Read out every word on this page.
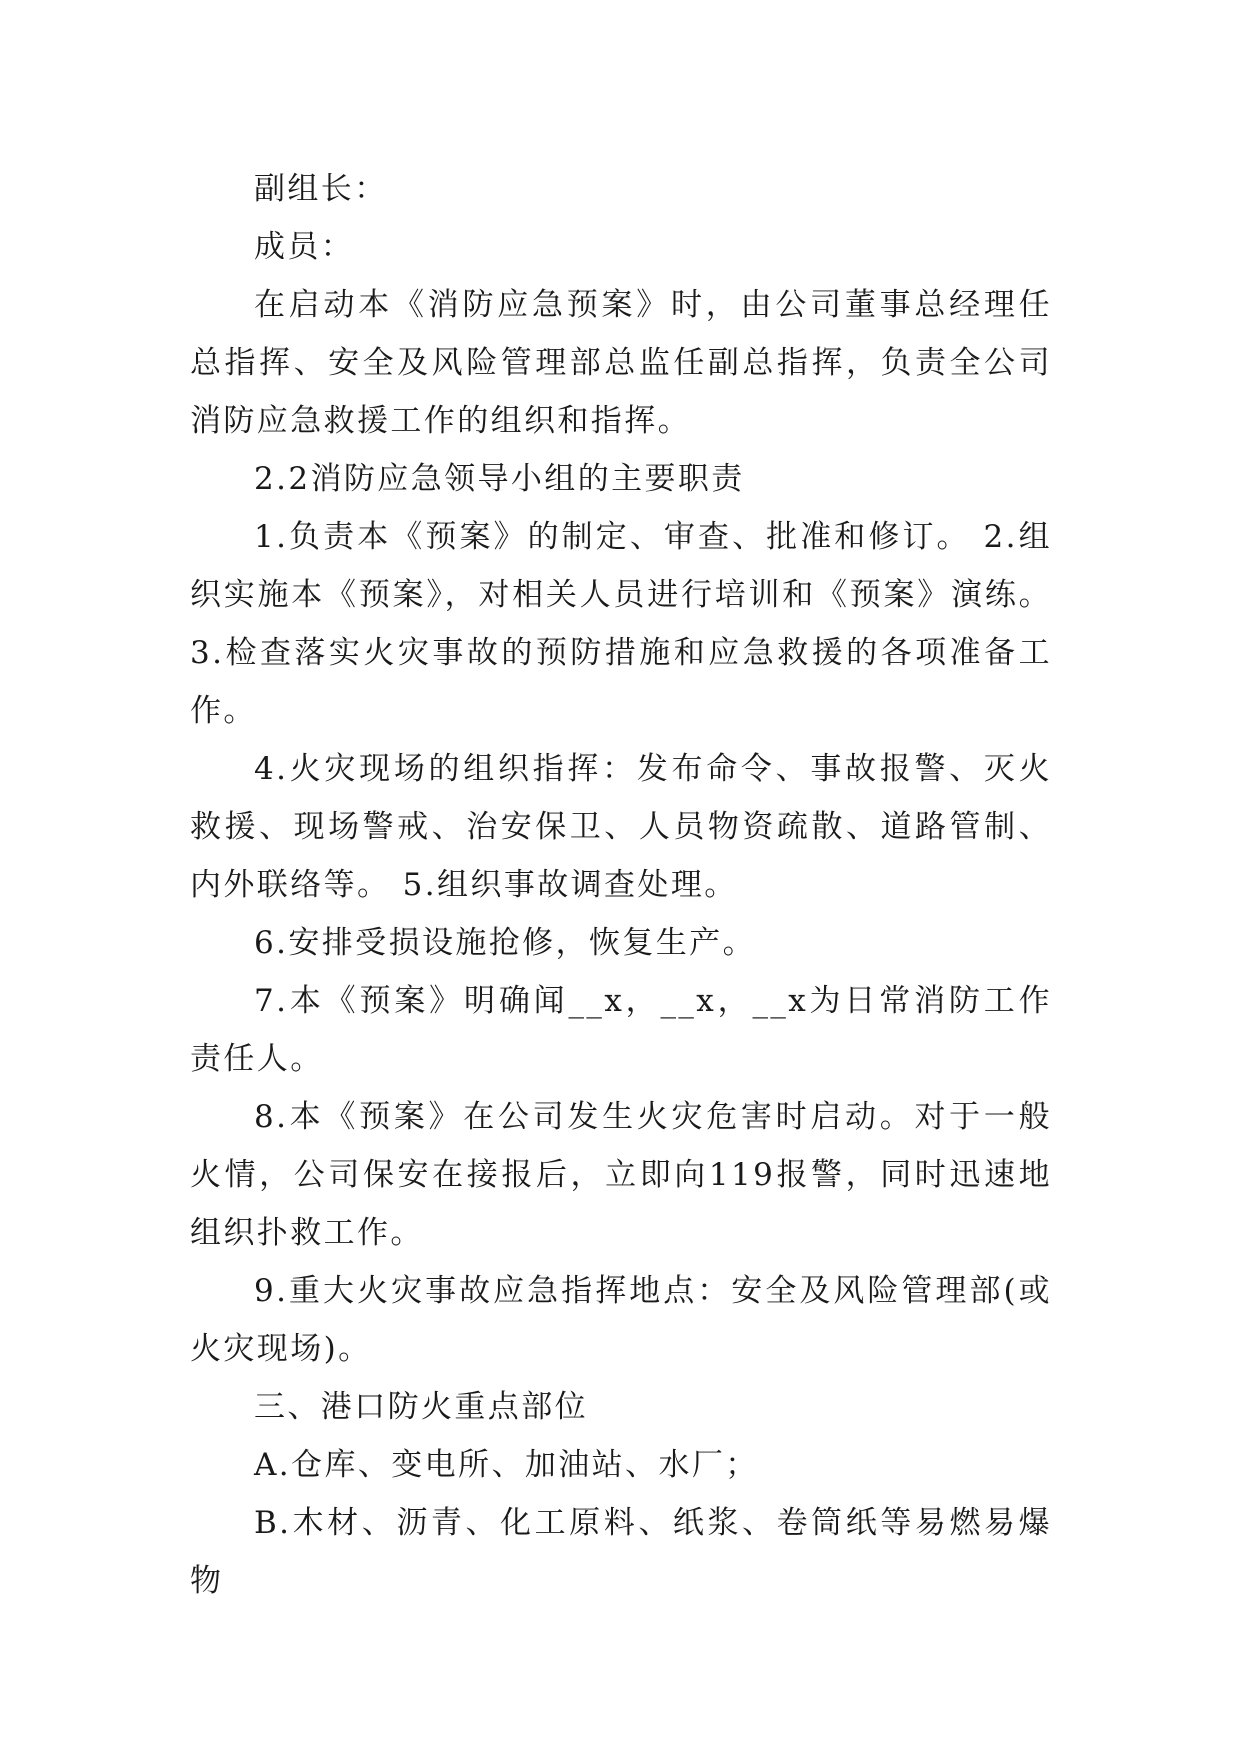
副组长：

成员：

在启动本《消防应急预案》时，由公司董事总经理任总指挥、安全及风险管理部总监任副总指挥，负责全公司消防应急救援工作的组织和指挥。

2.2消防应急领导小组的主要职责

1.负责本《预案》的制定、审查、批准和修订。 2.组织实施本《预案》，对相关人员进行培训和《预案》演练。3.检查落实火灾事故的预防措施和应急救援的各项准备工作。

4.火灾现场的组织指挥：发布命令、事故报警、灭火救援、现场警戒、治安保卫、人员物资疏散、道路管制、内外联络等。 5.组织事故调查处理。

6.安排受损设施抢修，恢复生产。

7.本《预案》明确闻__x，__x，__x为日常消防工作责任人。

8.本《预案》在公司发生火灾危害时启动。对于一般火情，公司保安在接报后，立即向119报警，同时迅速地组织扑救工作。

9.重大火灾事故应急指挥地点：安全及风险管理部(或火灾现场)。

三、港口防火重点部位

A.仓库、变电所、加油站、水厂；

B.木材、沥青、化工原料、纸浆、卷筒纸等易燃易爆物
